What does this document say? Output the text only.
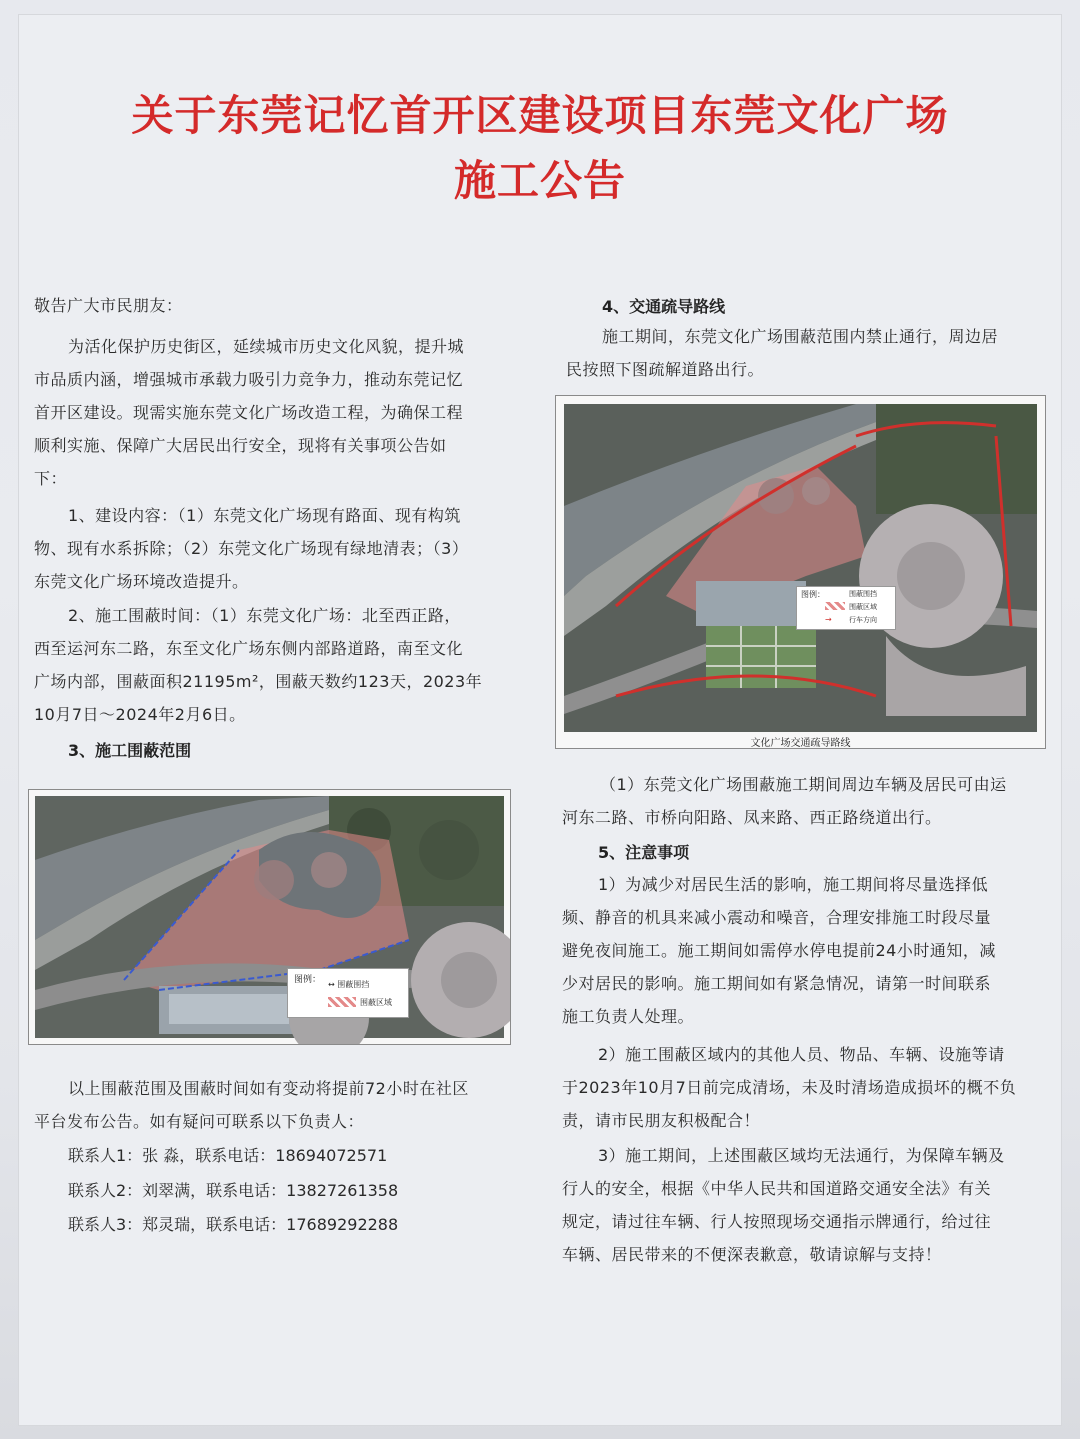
关于东莞记忆首开区建设项目东莞文化广场
施工公告

敬告广大市民朋友：

为活化保护历史街区，延续城市历史文化风貌，提升城
市品质内涵，增强城市承载力吸引力竞争力，推动东莞记忆
首开区建设。现需实施东莞文化广场改造工程，为确保工程
顺利实施、保障广大居民出行安全，现将有关事项公告如
下：

1、建设内容：（1）东莞文化广场现有路面、现有构筑
物、现有水系拆除；（2）东莞文化广场现有绿地清表；（3）
东莞文化广场环境改造提升。

2、施工围蔽时间：（1）东莞文化广场：北至西正路，
西至运河东二路，东至文化广场东侧内部路道路，南至文化
广场内部，围蔽面积21195m²，围蔽天数约123天，2023年
10月7日～2024年2月6日。

3、施工围蔽范围

图例： ↔ 围蔽围挡
围蔽区域

以上围蔽范围及围蔽时间如有变动将提前72小时在社区
平台发布公告。如有疑问可联系以下负责人：

联系人1：张 淼，联系电话：18694072571

联系人2：刘翠满，联系电话：13827261358

联系人3：郑灵瑞，联系电话：17689292288

4、交通疏导路线

施工期间，东莞文化广场围蔽范围内禁止通行，周边居
民按照下图疏解道路出行。

图例：	围蔽围挡
围蔽区域
→ 行车方向
文化广场交通疏导路线

（1）东莞文化广场围蔽施工期间周边车辆及居民可由运
河东二路、市桥向阳路、凤来路、西正路绕道出行。

5、注意事项

1）为减少对居民生活的影响，施工期间将尽量选择低
频、静音的机具来减小震动和噪音，合理安排施工时段尽量
避免夜间施工。施工期间如需停水停电提前24小时通知，减
少对居民的影响。施工期间如有紧急情况，请第一时间联系
施工负责人处理。

2）施工围蔽区域内的其他人员、物品、车辆、设施等请
于2023年10月7日前完成清场，未及时清场造成损坏的概不负
责，请市民朋友积极配合！

3）施工期间，上述围蔽区域均无法通行，为保障车辆及
行人的安全，根据《中华人民共和国道路交通安全法》有关
规定，请过往车辆、行人按照现场交通指示牌通行，给过往
车辆、居民带来的不便深表歉意，敬请谅解与支持！
